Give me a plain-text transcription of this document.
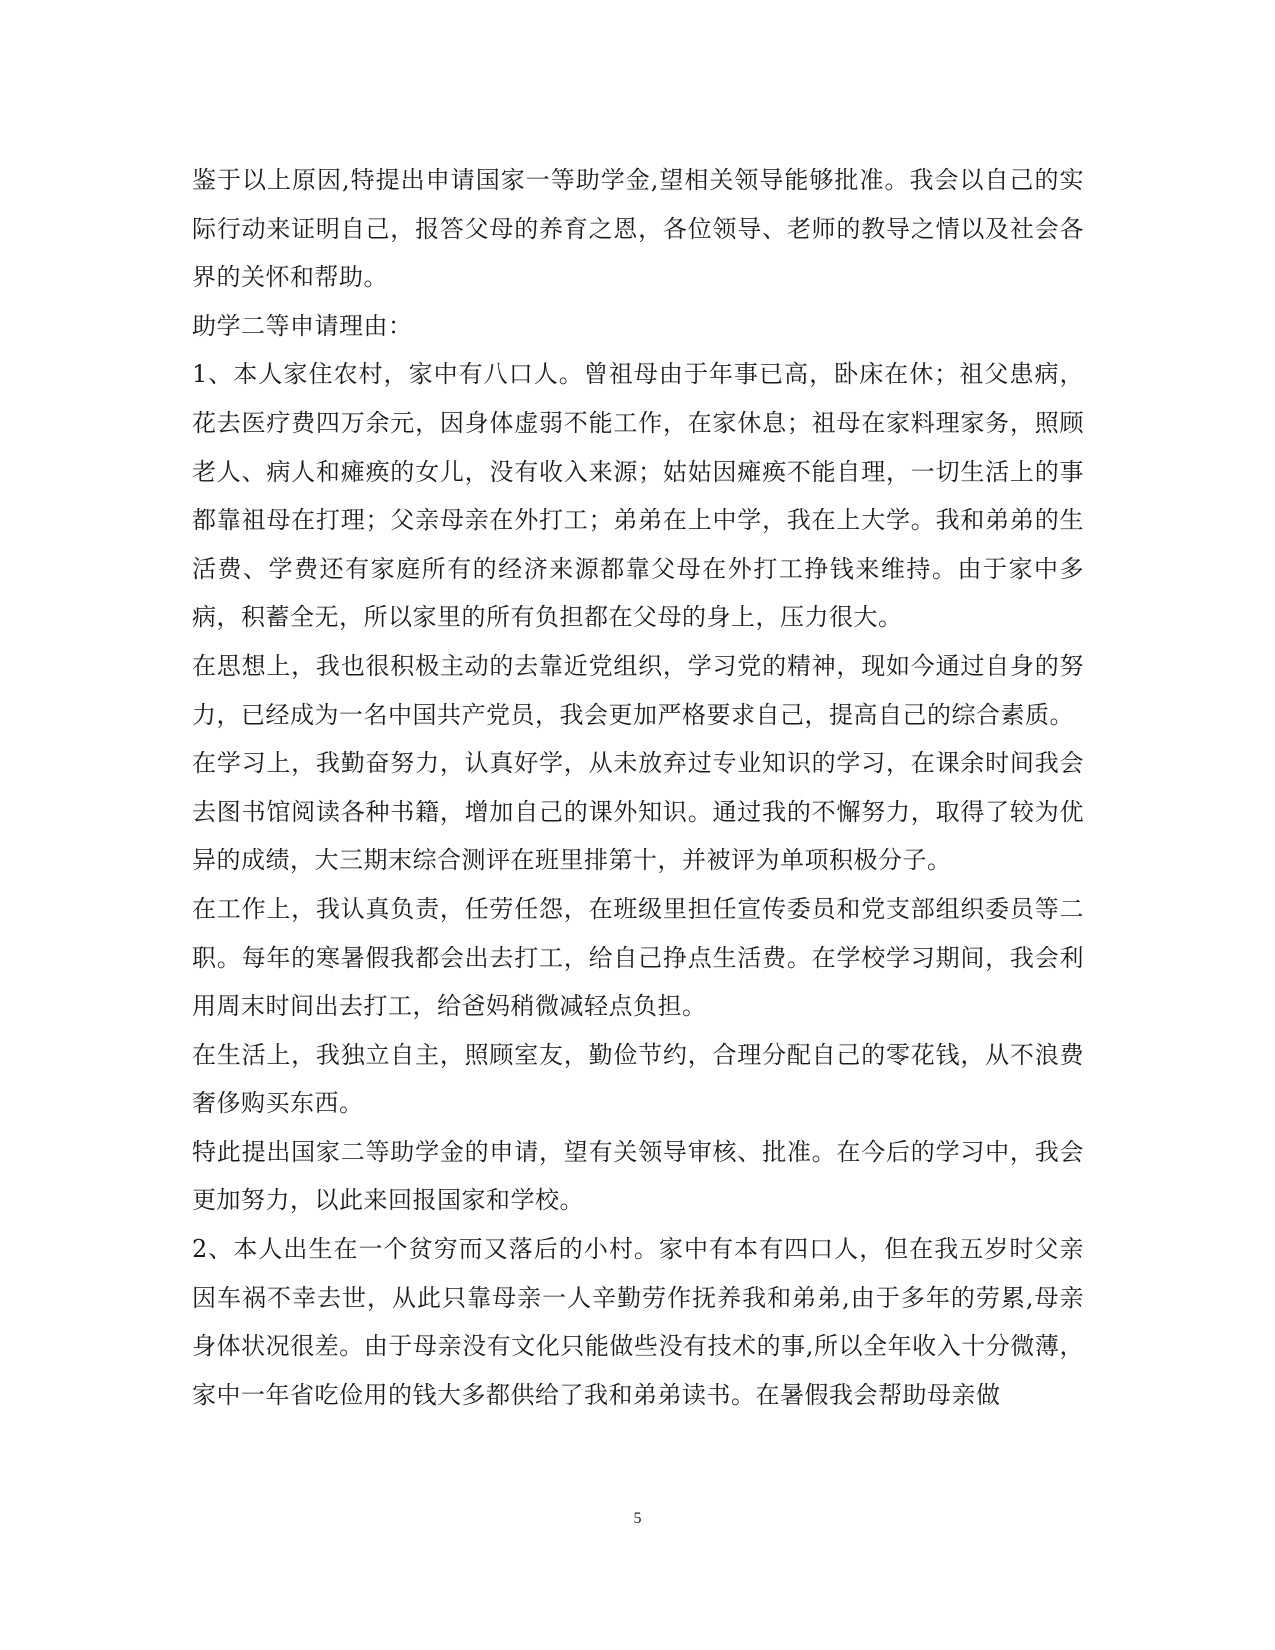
鉴于以上原因,特提出申请国家一等助学金,望相关领导能够批准。我会以自己的实际行动来证明自己，报答父母的养育之恩，各位领导、老师的教导之情以及社会各界的关怀和帮助。

助学二等申请理由：

1、本人家住农村，家中有八口人。曾祖母由于年事已高，卧床在休；祖父患病，花去医疗费四万余元，因身体虚弱不能工作，在家休息；祖母在家料理家务，照顾老人、病人和瘫痪的女儿，没有收入来源；姑姑因瘫痪不能自理，一切生活上的事都靠祖母在打理；父亲母亲在外打工；弟弟在上中学，我在上大学。我和弟弟的生活费、学费还有家庭所有的经济来源都靠父母在外打工挣钱来维持。由于家中多病，积蓄全无，所以家里的所有负担都在父母的身上，压力很大。

在思想上，我也很积极主动的去靠近党组织，学习党的精神，现如今通过自身的努力，已经成为一名中国共产党员，我会更加严格要求自己，提高自己的综合素质。

在学习上，我勤奋努力，认真好学，从未放弃过专业知识的学习，在课余时间我会去图书馆阅读各种书籍，增加自己的课外知识。通过我的不懈努力，取得了较为优异的成绩，大三期末综合测评在班里排第十，并被评为单项积极分子。

在工作上，我认真负责，任劳任怨，在班级里担任宣传委员和党支部组织委员等二职。每年的寒暑假我都会出去打工，给自己挣点生活费。在学校学习期间，我会利用周末时间出去打工，给爸妈稍微减轻点负担。

在生活上，我独立自主，照顾室友，勤俭节约，合理分配自己的零花钱，从不浪费奢侈购买东西。

特此提出国家二等助学金的申请，望有关领导审核、批准。在今后的学习中，我会更加努力，以此来回报国家和学校。

2、本人出生在一个贫穷而又落后的小村。家中有本有四口人，但在我五岁时父亲因车祸不幸去世，从此只靠母亲一人辛勤劳作抚养我和弟弟,由于多年的劳累,母亲身体状况很差。由于母亲没有文化只能做些没有技术的事,所以全年收入十分微薄，家中一年省吃俭用的钱大多都供给了我和弟弟读书。在暑假我会帮助母亲做

5
